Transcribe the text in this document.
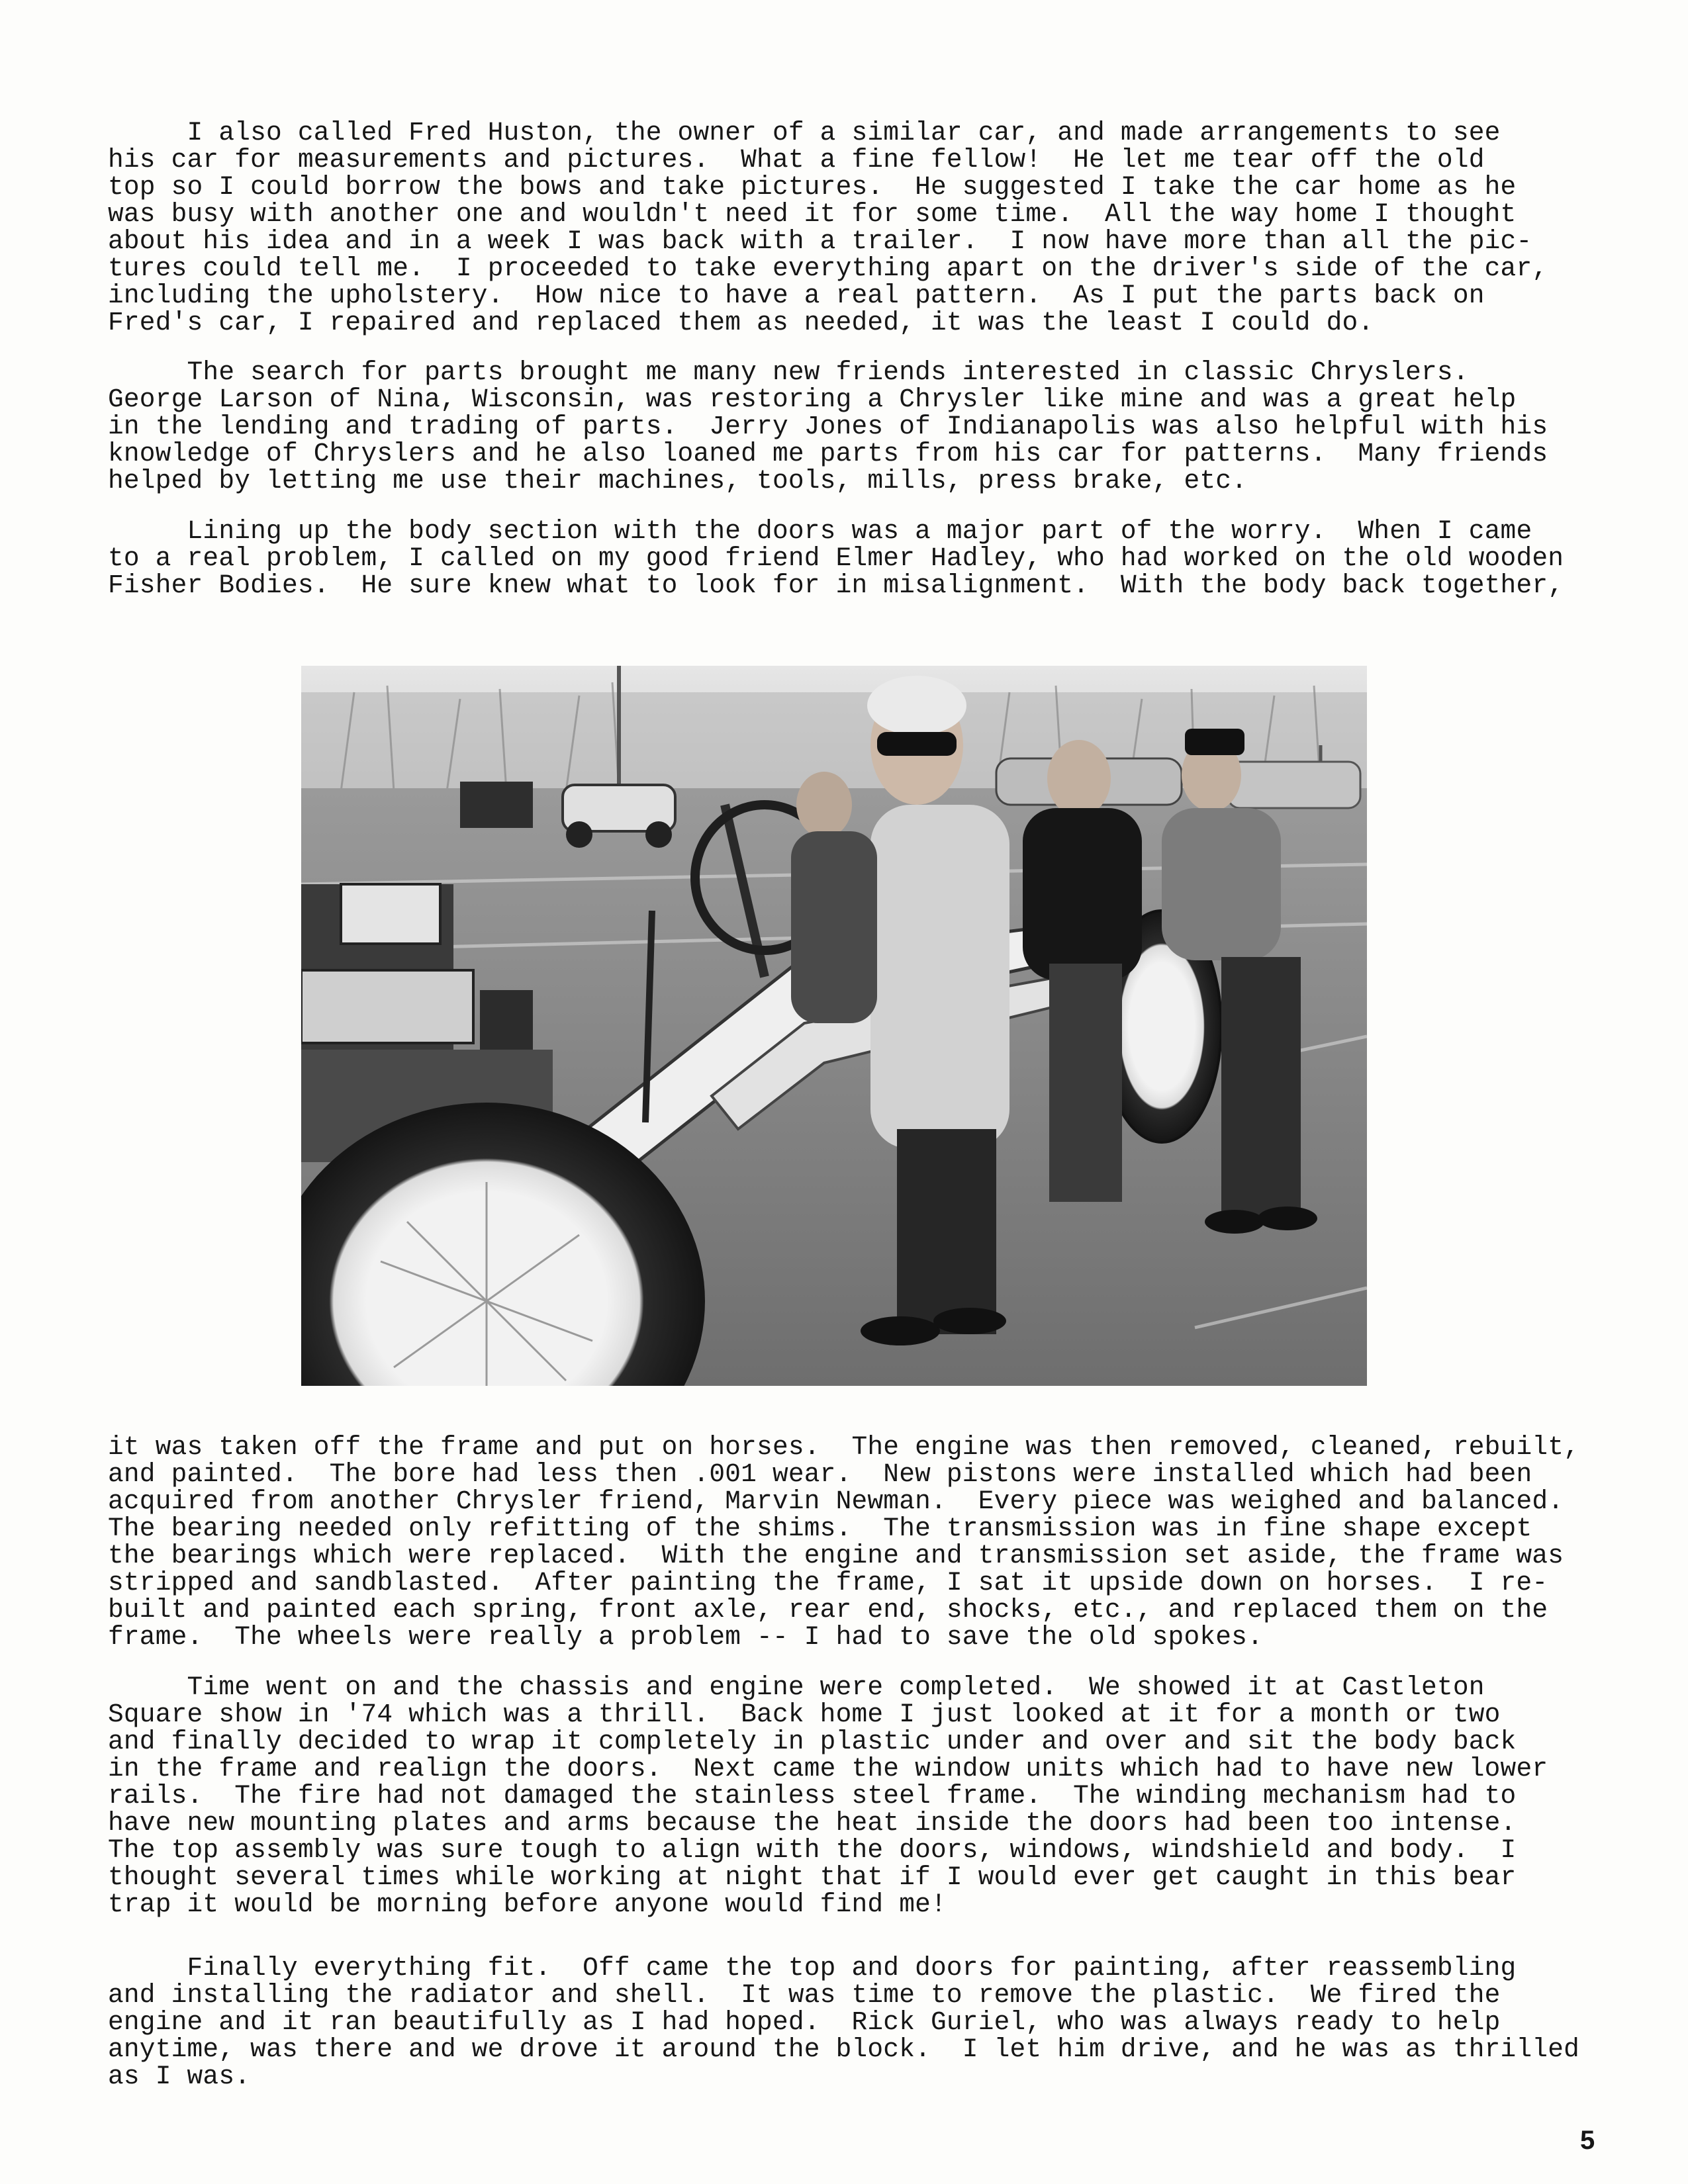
I also called Fred Huston, the owner of a similar car, and made arrangements to see
his car for measurements and pictures.  What a fine fellow!  He let me tear off the old
top so I could borrow the bows and take pictures.  He suggested I take the car home as he
was busy with another one and wouldn't need it for some time.  All the way home I thought
about his idea and in a week I was back with a trailer.  I now have more than all the pic-
tures could tell me.  I proceeded to take everything apart on the driver's side of the car,
including the upholstery.  How nice to have a real pattern.  As I put the parts back on
Fred's car, I repaired and replaced them as needed, it was the least I could do.

The search for parts brought me many new friends interested in classic Chryslers.
George Larson of Nina, Wisconsin, was restoring a Chrysler like mine and was a great help
in the lending and trading of parts.  Jerry Jones of Indianapolis was also helpful with his
knowledge of Chryslers and he also loaned me parts from his car for patterns.  Many friends
helped by letting me use their machines, tools, mills, press brake, etc.

Lining up the body section with the doors was a major part of the worry.  When I came
to a real problem, I called on my good friend Elmer Hadley, who had worked on the old wooden
Fisher Bodies.  He sure knew what to look for in misalignment.  With the body back together,

it was taken off the frame and put on horses.  The engine was then removed, cleaned, rebuilt,
and painted.  The bore had less then .001 wear.  New pistons were installed which had been
acquired from another Chrysler friend, Marvin Newman.  Every piece was weighed and balanced.
The bearing needed only refitting of the shims.  The transmission was in fine shape except
the bearings which were replaced.  With the engine and transmission set aside, the frame was
stripped and sandblasted.  After painting the frame, I sat it upside down on horses.  I re-
built and painted each spring, front axle, rear end, shocks, etc., and replaced them on the
frame.  The wheels were really a problem -- I had to save the old spokes.

Time went on and the chassis and engine were completed.  We showed it at Castleton
Square show in '74 which was a thrill.  Back home I just looked at it for a month or two
and finally decided to wrap it completely in plastic under and over and sit the body back
in the frame and realign the doors.  Next came the window units which had to have new lower
rails.  The fire had not damaged the stainless steel frame.  The winding mechanism had to
have new mounting plates and arms because the heat inside the doors had been too intense.
The top assembly was sure tough to align with the doors, windows, windshield and body.  I
thought several times while working at night that if I would ever get caught in this bear
trap it would be morning before anyone would find me!

Finally everything fit.  Off came the top and doors for painting, after reassembling
and installing the radiator and shell.  It was time to remove the plastic.  We fired the
engine and it ran beautifully as I had hoped.  Rick Guriel, who was always ready to help
anytime, was there and we drove it around the block.  I let him drive, and he was as thrilled
as I was.

5
